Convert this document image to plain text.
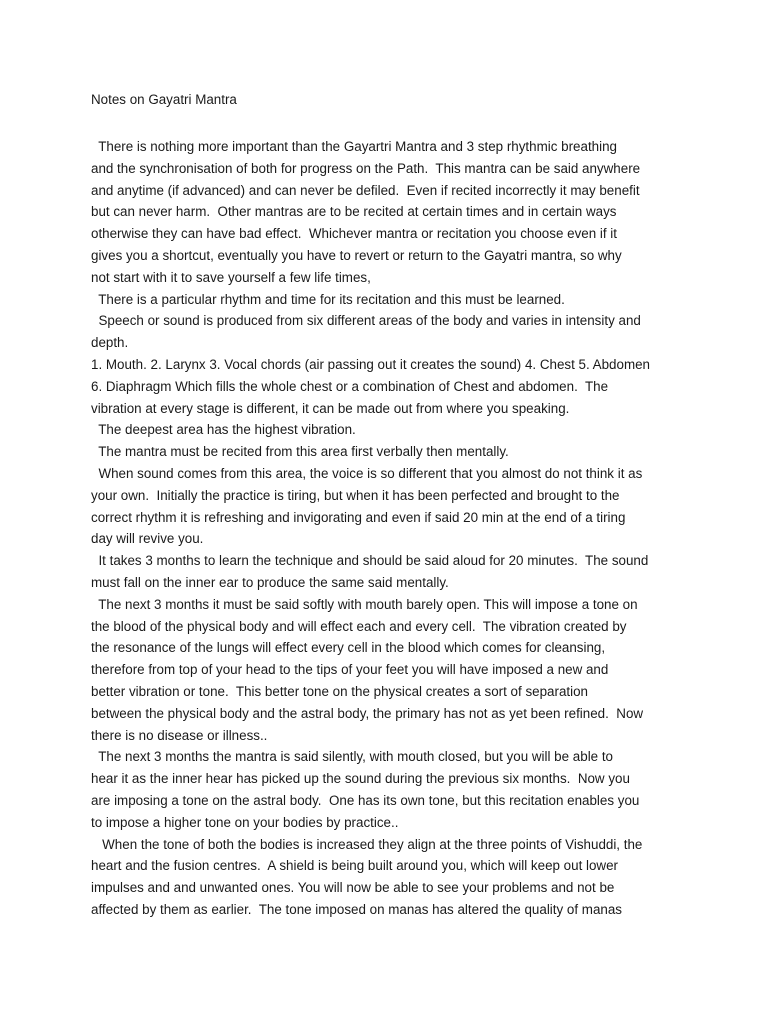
Notes on Gayatri Mantra
There is nothing more important than the Gayartri Mantra and 3 step rhythmic breathing
and the synchronisation of both for progress on the Path.  This mantra can be said anywhere
and anytime (if advanced) and can never be defiled.  Even if recited incorrectly it may benefit
but can never harm.  Other mantras are to be recited at certain times and in certain ways
otherwise they can have bad effect.  Whichever mantra or recitation you choose even if it
gives you a shortcut, eventually you have to revert or return to the Gayatri mantra, so why
not start with it to save yourself a few life times,
There is a particular rhythm and time for its recitation and this must be learned.
Speech or sound is produced from six different areas of the body and varies in intensity and
depth.
1. Mouth. 2. Larynx 3. Vocal chords (air passing out it creates the sound) 4. Chest 5. Abdomen
6. Diaphragm Which fills the whole chest or a combination of Chest and abdomen.  The
vibration at every stage is different, it can be made out from where you speaking.
The deepest area has the highest vibration.
The mantra must be recited from this area first verbally then mentally.
When sound comes from this area, the voice is so different that you almost do not think it as
your own.  Initially the practice is tiring, but when it has been perfected and brought to the
correct rhythm it is refreshing and invigorating and even if said 20 min at the end of a tiring
day will revive you.
It takes 3 months to learn the technique and should be said aloud for 20 minutes.  The sound
must fall on the inner ear to produce the same said mentally.
The next 3 months it must be said softly with mouth barely open. This will impose a tone on
the blood of the physical body and will effect each and every cell.  The vibration created by
the resonance of the lungs will effect every cell in the blood which comes for cleansing,
therefore from top of your head to the tips of your feet you will have imposed a new and
better vibration or tone.  This better tone on the physical creates a sort of separation
between the physical body and the astral body, the primary has not as yet been refined.  Now
there is no disease or illness..
The next 3 months the mantra is said silently, with mouth closed, but you will be able to
hear it as the inner hear has picked up the sound during the previous six months.  Now you
are imposing a tone on the astral body.  One has its own tone, but this recitation enables you
to impose a higher tone on your bodies by practice..
When the tone of both the bodies is increased they align at the three points of Vishuddi, the
heart and the fusion centres.  A shield is being built around you, which will keep out lower
impulses and and unwanted ones. You will now be able to see your problems and not be
affected by them as earlier.  The tone imposed on manas has altered the quality of manas
